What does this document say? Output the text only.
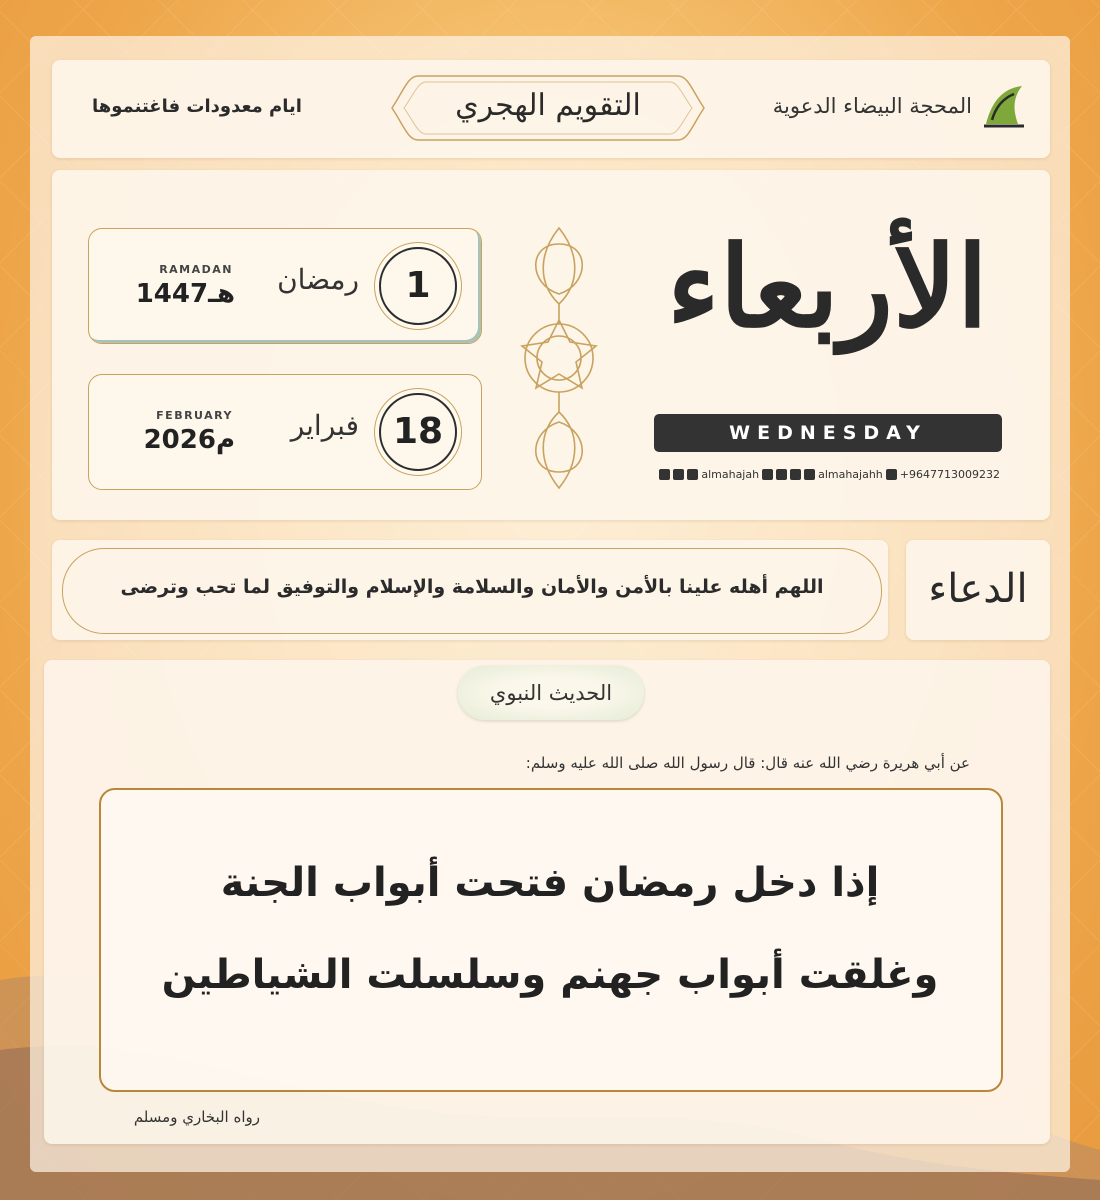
ايام معدودات فاغتنموها	التقويم الهجري	المحجة البيضاء الدعوية
الأربعاء
WEDNESDAY
almahajah	almahajahh +9647713009232
1
رمضان
RAMADAN
1447هـ
18
فبراير
FEBRUARY
2026م
اللهم أهله علينا بالأمن والأمان والسلامة والإسلام والتوفيق لما تحب وترضى	الدعاء
الحديث النبوي
عن أبي هريرة رضي الله عنه قال: قال رسول الله صلى الله عليه وسلم:
إذا دخل رمضان فتحت أبواب الجنة
وغلقت أبواب جهنم وسلسلت الشياطين
رواه البخاري ومسلم
